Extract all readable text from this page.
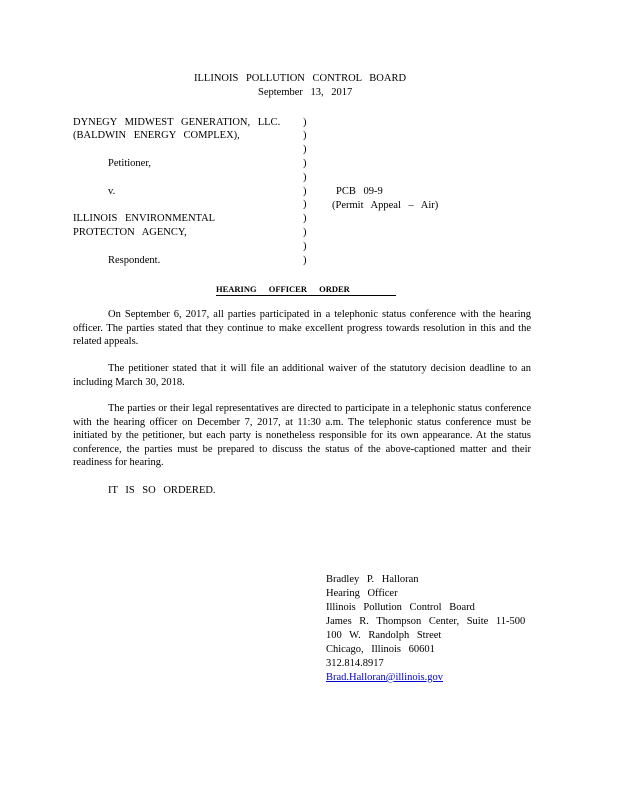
ILLINOIS POLLUTION CONTROL BOARD
September 13, 2017
DYNEGY MIDWEST GENERATION, LLC.
(BALDWIN ENERGY COMPLEX),
Petitioner,
v.
ILLINOIS ENVIRONMENTAL
PROTECTON AGENCY,
Respondent.
)
)
)
)
)
)
)
)
)
)
)
PCB 09-9
(Permit Appeal – Air)
HEARING OFFICER ORDER
On September 6, 2017, all parties participated in a telephonic status conference with the hearing officer. The parties stated that they continue to make excellent progress towards resolution in this and the related appeals.
The petitioner stated that it will file an additional waiver of the statutory decision deadline to an including March 30, 2018.
The parties or their legal representatives are directed to participate in a telephonic status conference with the hearing officer on December 7, 2017, at 11:30 a.m. The telephonic status conference must be initiated by the petitioner, but each party is nonetheless responsible for its own appearance. At the status conference, the parties must be prepared to discuss the status of the above-captioned matter and their readiness for hearing.
IT IS SO ORDERED.
Bradley P. Halloran
Hearing Officer
Illinois Pollution Control Board
James R. Thompson Center, Suite 11-500
100 W. Randolph Street
Chicago, Illinois 60601
312.814.8917
Brad.Halloran@illinois.gov
